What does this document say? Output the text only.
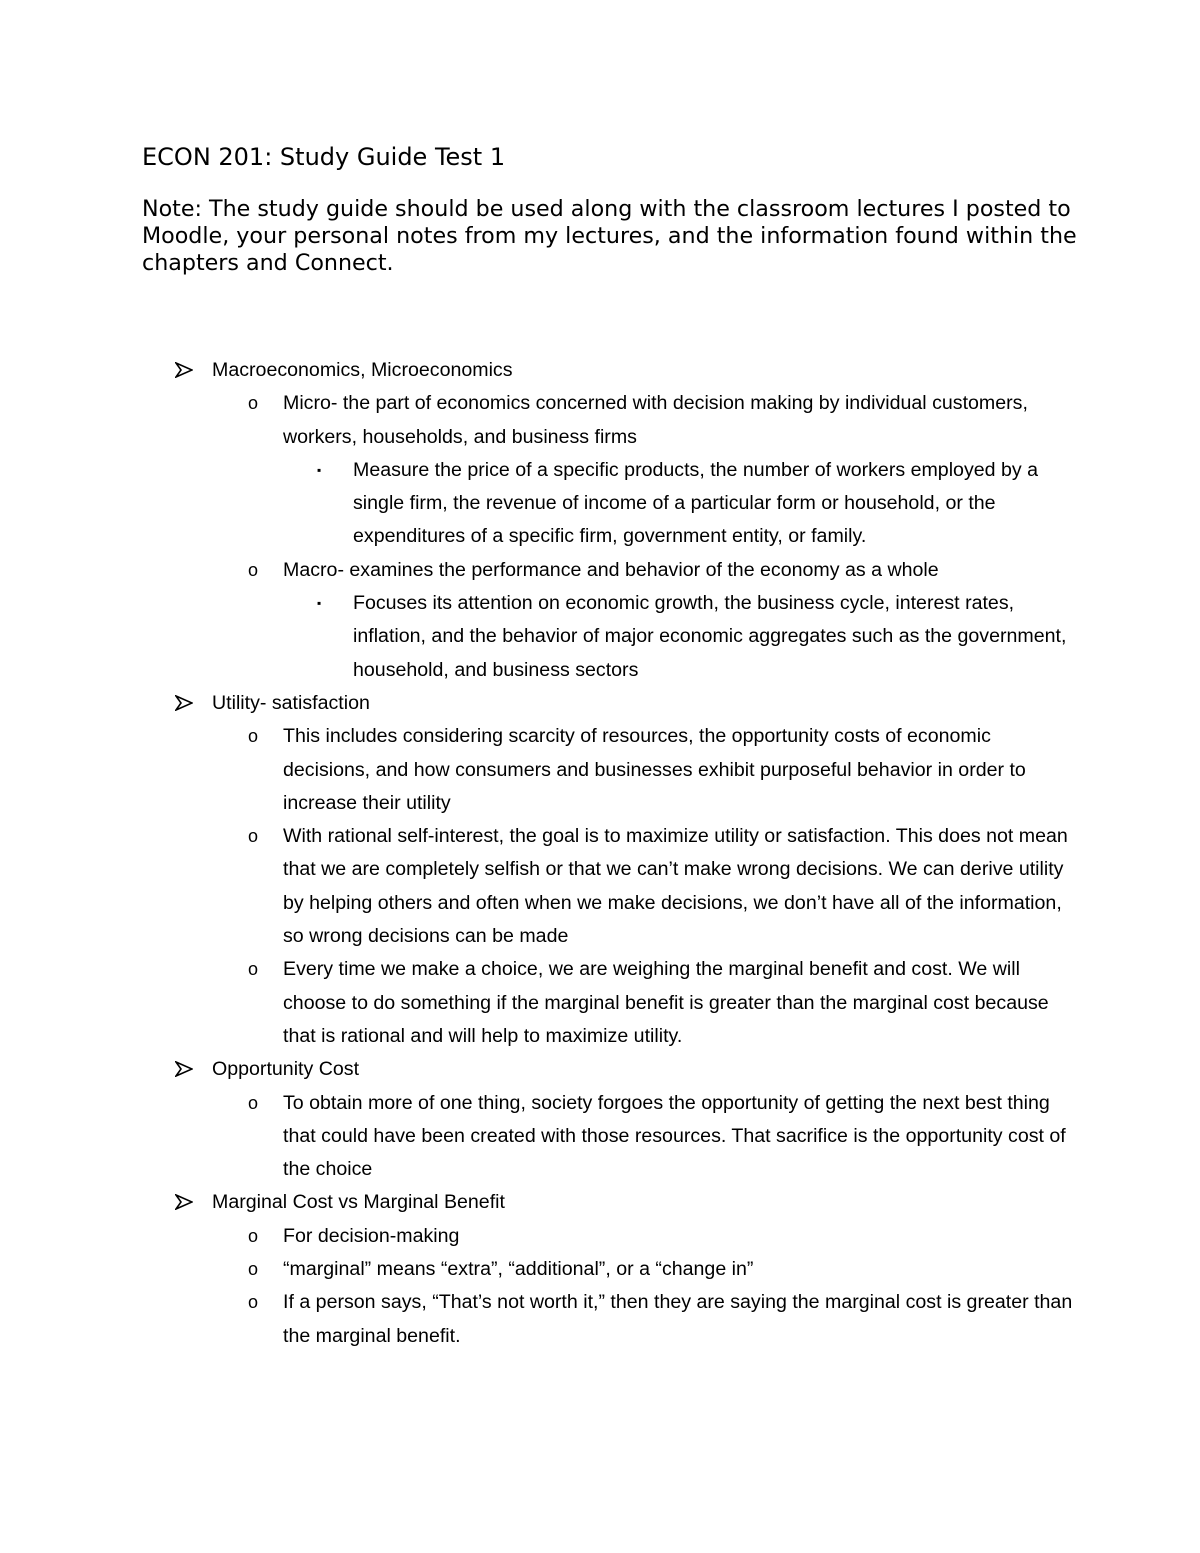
ECON 201: Study Guide Test 1
Note: The study guide should be used along with the classroom lectures I posted to Moodle, your personal notes from my lectures, and the information found within the chapters and Connect.
Macroeconomics, Microeconomics
o Micro- the part of economics concerned with decision making by individual customers, workers, households, and business firms
▪ Measure the price of a specific products, the number of workers employed by a single firm, the revenue of income of a particular form or household, or the expenditures of a specific firm, government entity, or family.
o Macro- examines the performance and behavior of the economy as a whole
▪ Focuses its attention on economic growth, the business cycle, interest rates, inflation, and the behavior of major economic aggregates such as the government, household, and business sectors
Utility- satisfaction
o This includes considering scarcity of resources, the opportunity costs of economic decisions, and how consumers and businesses exhibit purposeful behavior in order to increase their utility
o With rational self-interest, the goal is to maximize utility or satisfaction. This does not mean that we are completely selfish or that we can’t make wrong decisions. We can derive utility by helping others and often when we make decisions, we don’t have all of the information, so wrong decisions can be made
o Every time we make a choice, we are weighing the marginal benefit and cost. We will choose to do something if the marginal benefit is greater than the marginal cost because that is rational and will help to maximize utility.
Opportunity Cost
o To obtain more of one thing, society forgoes the opportunity of getting the next best thing that could have been created with those resources. That sacrifice is the opportunity cost of the choice
Marginal Cost vs Marginal Benefit
o For decision-making
o “marginal” means “extra”, “additional”, or a “change in”
o If a person says, “That’s not worth it,” then they are saying the marginal cost is greater than the marginal benefit.
